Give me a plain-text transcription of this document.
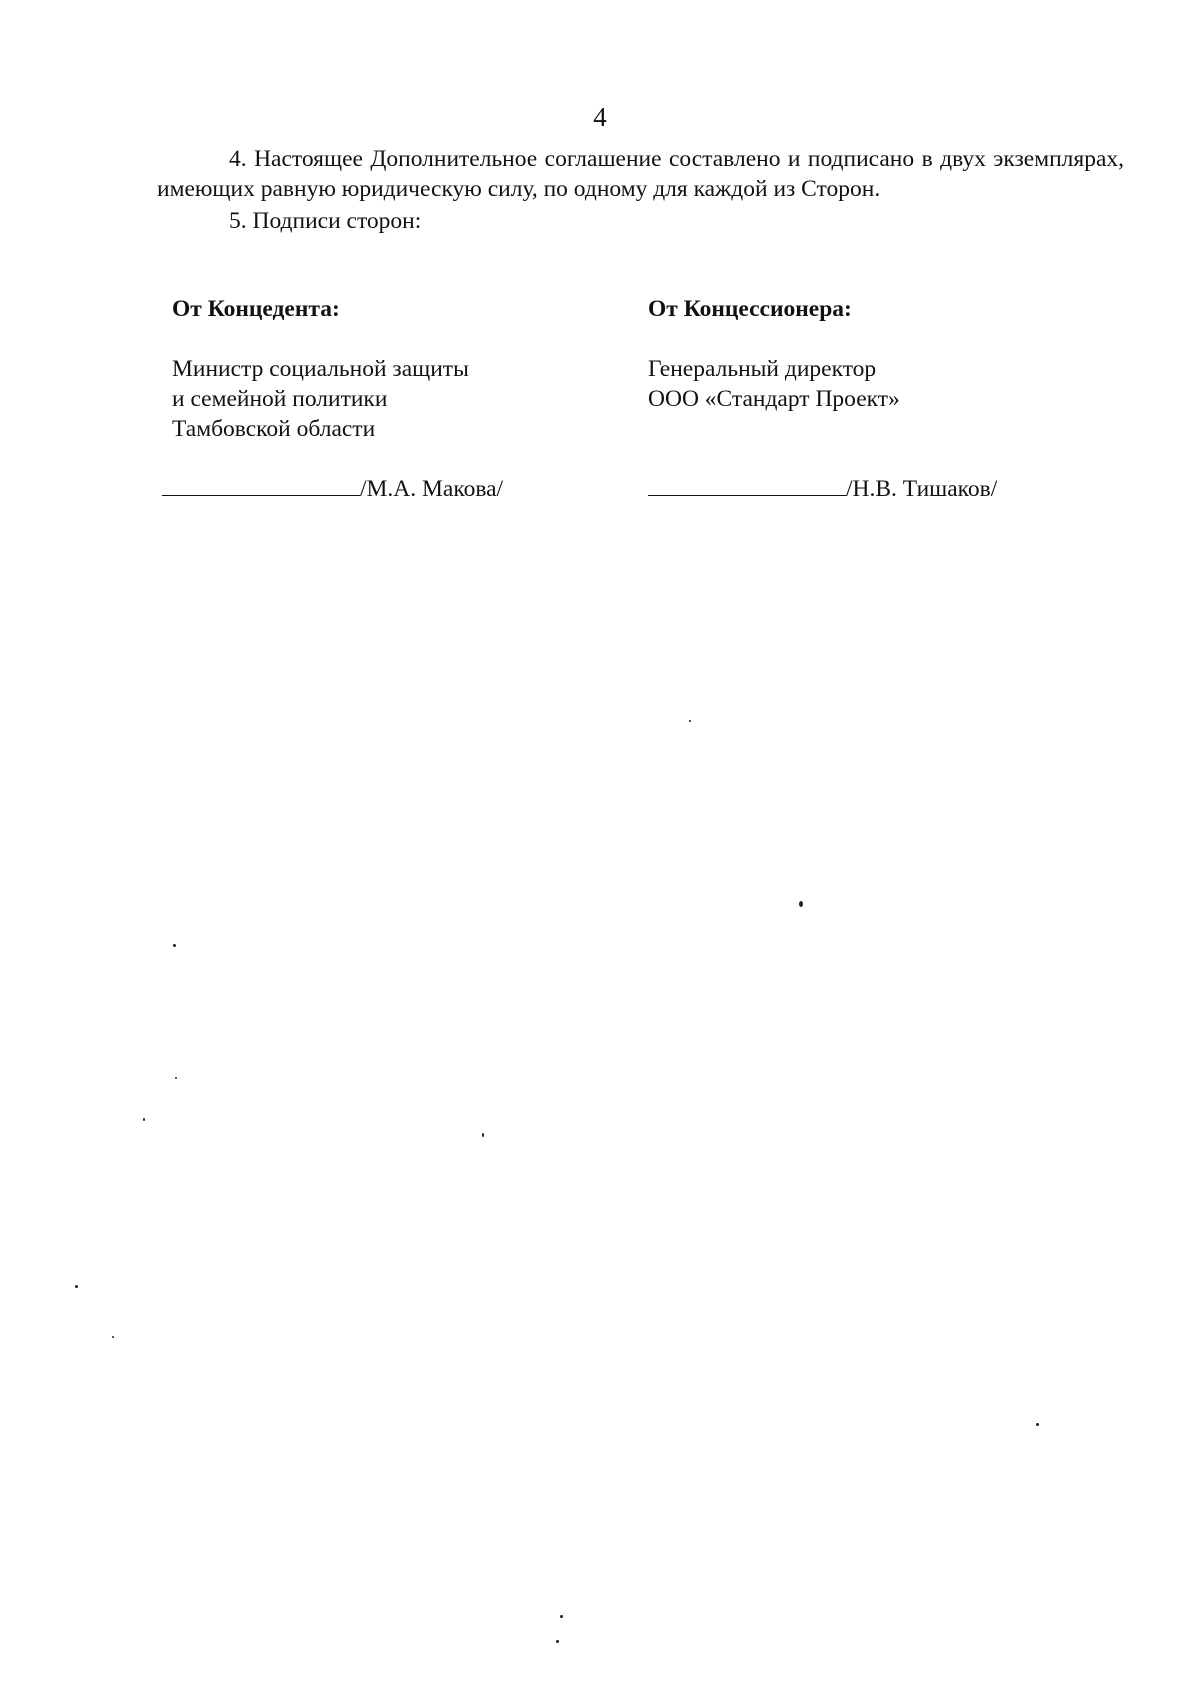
4

4. Настоящее Дополнительное соглашение составлено и подписано в двух экземплярах, имеющих равную юридическую силу, по одному для каждой из Сторон.

5. Подписи сторон:

От Концедента:
Министр социальной защиты
и семейной политики
Тамбовской области
/М.А. Макова/
От Концессионера:
Генеральный директор
ООО «Стандарт Проект»
/Н.В. Тишаков/
